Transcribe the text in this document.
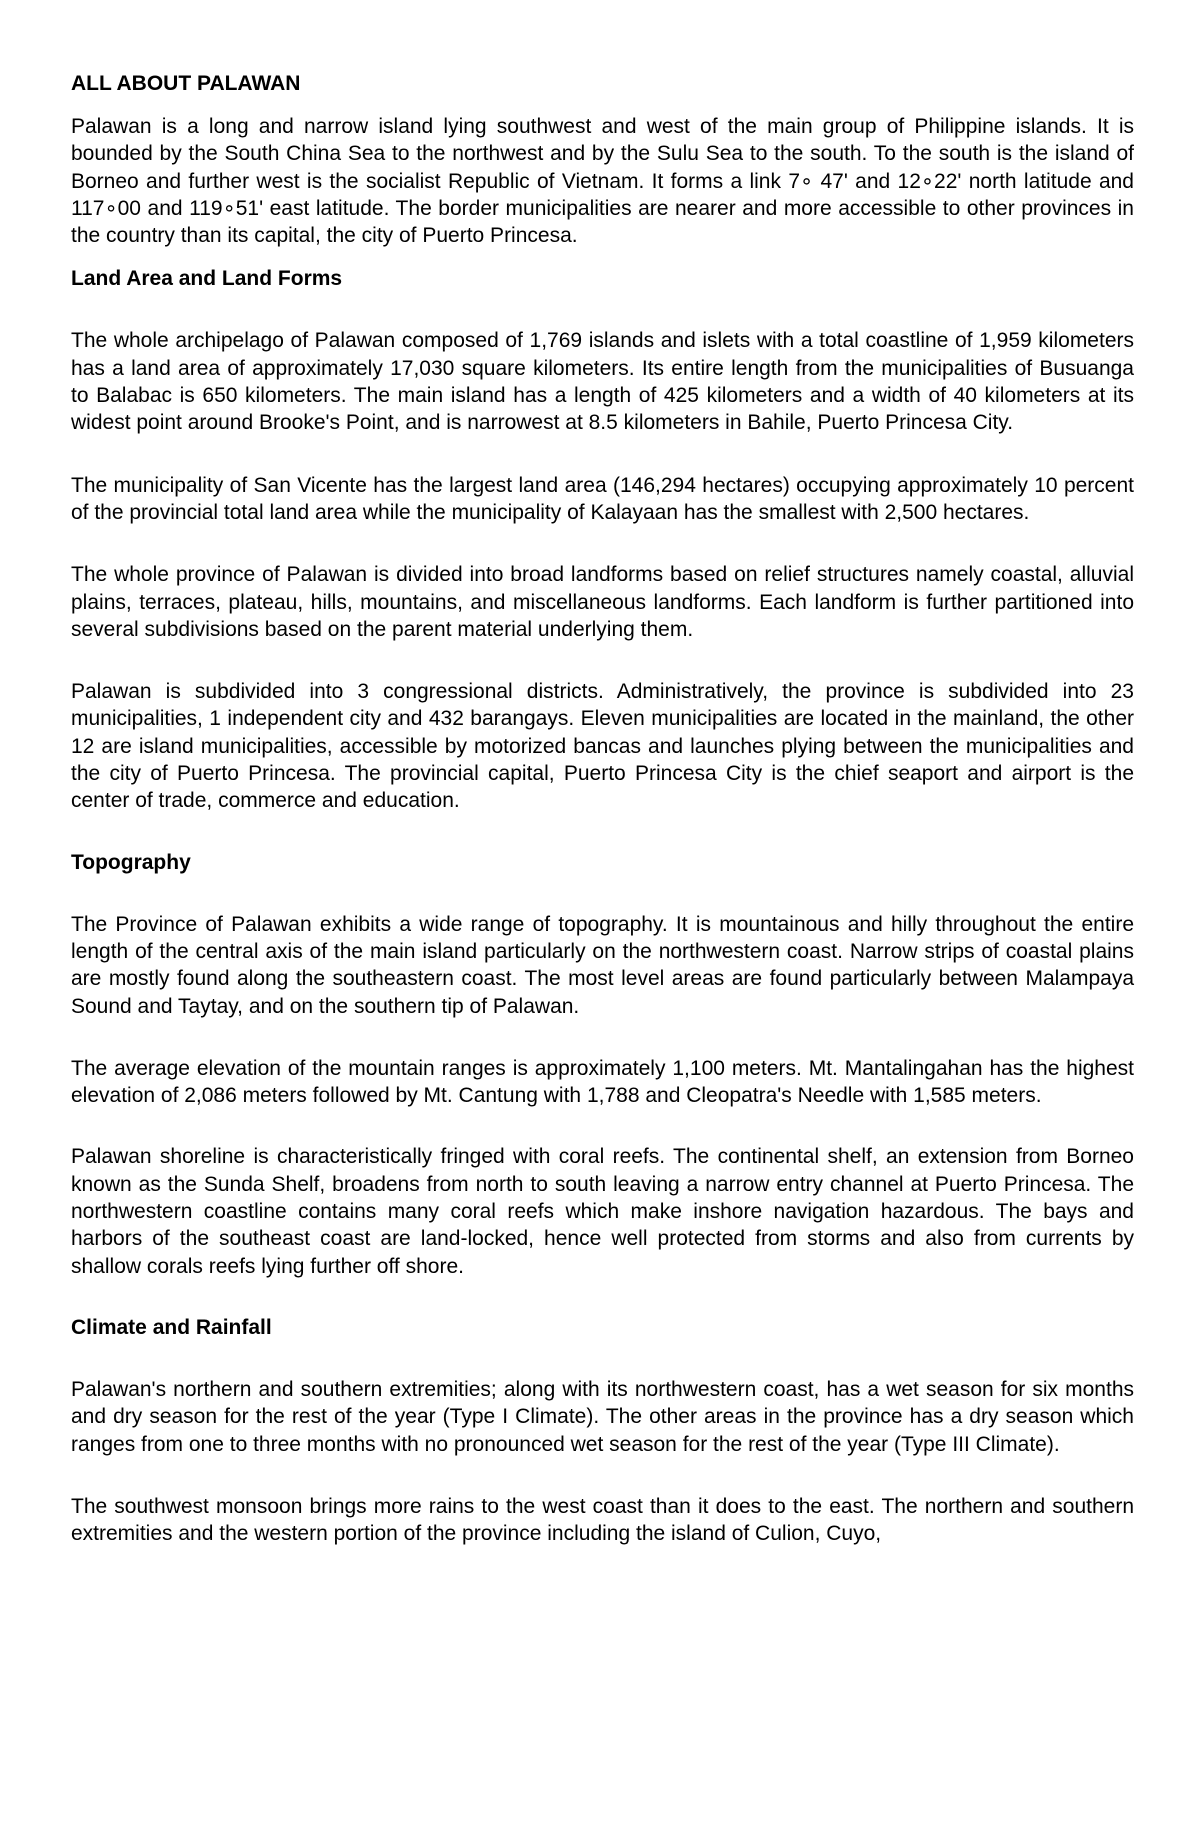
ALL ABOUT PALAWAN

Palawan is a long and narrow island lying southwest and west of the main group of Philippine islands. It is bounded by the South China Sea to the northwest and by the Sulu Sea to the south. To the south is the island of Borneo and further west is the socialist Republic of Vietnam. It forms a link 7∘ 47' and 12∘22' north latitude and 117∘00 and 119∘51' east latitude. The border municipalities are nearer and more accessible to other provinces in the country than its capital, the city of Puerto Princesa.

Land Area and Land Forms

The whole archipelago of Palawan composed of 1,769 islands and islets with a total coastline of 1,959 kilometers has a land area of approximately 17,030 square kilometers. Its entire length from the municipalities of Busuanga to Balabac is 650 kilometers. The main island has a length of 425 kilometers and a width of 40 kilometers at its widest point around Brooke's Point, and is narrowest at 8.5 kilometers in Bahile, Puerto Princesa City.

The municipality of San Vicente has the largest land area (146,294 hectares) occupying approximately 10 percent of the provincial total land area while the municipality of Kalayaan has the smallest with 2,500 hectares.

The whole province of Palawan is divided into broad landforms based on relief structures namely coastal, alluvial plains, terraces, plateau, hills, mountains, and miscellaneous landforms. Each landform is further partitioned into several subdivisions based on the parent material underlying them.

Palawan is subdivided into 3 congressional districts. Administratively, the province is subdivided into 23 municipalities, 1 independent city and 432 barangays. Eleven municipalities are located in the mainland, the other 12 are island municipalities, accessible by motorized bancas and launches plying between the municipalities and the city of Puerto Princesa. The provincial capital, Puerto Princesa City is the chief seaport and airport is the center of trade, commerce and education.

Topography

The Province of Palawan exhibits a wide range of topography. It is mountainous and hilly throughout the entire length of the central axis of the main island particularly on the northwestern coast. Narrow strips of coastal plains are mostly found along the southeastern coast. The most level areas are found particularly between Malampaya Sound and Taytay, and on the southern tip of Palawan.

The average elevation of the mountain ranges is approximately 1,100 meters. Mt. Mantalingahan has the highest elevation of 2,086 meters followed by Mt. Cantung with 1,788 and Cleopatra's Needle with 1,585 meters.

Palawan shoreline is characteristically fringed with coral reefs. The continental shelf, an extension from Borneo known as the Sunda Shelf, broadens from north to south leaving a narrow entry channel at Puerto Princesa. The northwestern coastline contains many coral reefs which make inshore navigation hazardous. The bays and harbors of the southeast coast are land-locked, hence well protected from storms and also from currents by shallow corals reefs lying further off shore.

Climate and Rainfall

Palawan's northern and southern extremities; along with its northwestern coast, has a wet season for six months and dry season for the rest of the year (Type I Climate). The other areas in the province has a dry season which ranges from one to three months with no pronounced wet season for the rest of the year (Type III Climate).

The southwest monsoon brings more rains to the west coast than it does to the east. The northern and southern extremities and the western portion of the province including the island of Culion, Cuyo,
